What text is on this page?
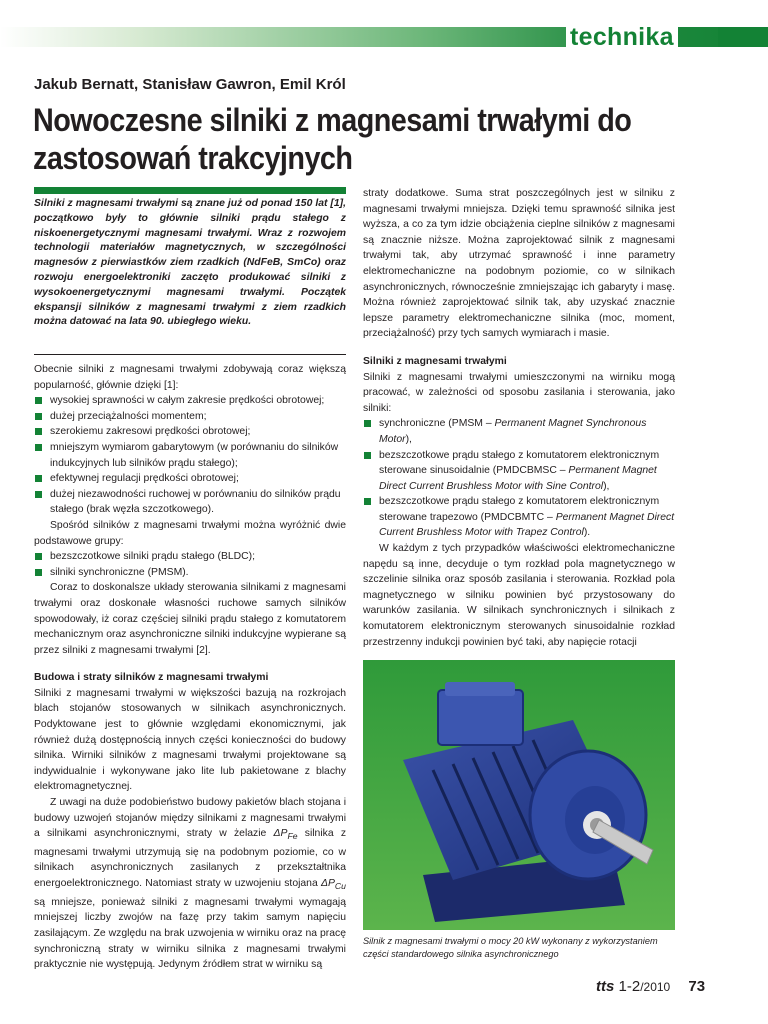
technika
Jakub Bernatt, Stanisław Gawron, Emil Król
Nowoczesne silniki z magnesami trwałymi do zastosowań trakcyjnych
Silniki z magnesami trwałymi są znane już od ponad 150 lat [1], początkowo były to głównie silniki prądu stałego z niskoenergetycznymi magnesami trwałymi. Wraz z rozwojem technologii materiałów magnetycznych, w szczególności magnesów z pierwiastków ziem rzadkich (NdFeB, SmCo) oraz rozwoju energoelektroniki zaczęto produkować silniki z wysokoenergetycznymi magnesami trwałymi. Początek ekspansji silników z magnesami trwałymi z ziem rzadkich można datować na lata 90. ubiegłego wieku.

Obecnie silniki z magnesami trwałymi zdobywają coraz większą popularność, głównie dzięki [1]:

wysokiej sprawności w całym zakresie prędkości obrotowej;
dużej przeciążalności momentem;
szerokiemu zakresowi prędkości obrotowej;
mniejszym wymiarom gabarytowym (w porównaniu do silników indukcyjnych lub silników prądu stałego);
efektywnej regulacji prędkości obrotowej;
dużej niezawodności ruchowej w porównaniu do silników prądu stałego (brak węzła szczotkowego).

Spośród silników z magnesami trwałymi można wyróżnić dwie podstawowe grupy:

bezszczotkowe silniki prądu stałego (BLDC);
silniki synchroniczne (PMSM).

Coraz to doskonalsze układy sterowania silnikami z magnesami trwałymi oraz doskonałe własności ruchowe samych silników spowodowały, iż coraz częściej silniki prądu stałego z komutatorem mechanicznym oraz asynchroniczne silniki indukcyjne wypierane są przez silniki z magnesami trwałymi [2].

Budowa i straty silników z magnesami trwałymi

Silniki z magnesami trwałymi w większości bazują na rozkrojach blach stojanów stosowanych w silnikach asynchronicznych. Podyktowane jest to głównie względami ekonomicznymi, jak również dużą dostępnością innych części konieczności do budowy silnika. Wirniki silników z magnesami trwałymi projektowane są indywidualnie i wykonywane jako lite lub pakietowane z blachy elektromagnetycznej.

Z uwagi na duże podobieństwo budowy pakietów blach stojana i budowy uzwojeń stojanów między silnikami z magnesami trwałymi a silnikami asynchronicznymi, straty w żelazie $\Delta P_{Fe}$ silnika z magnesami trwałymi utrzymują się na podobnym poziomie, co w silnikach asynchronicznych zasilanych z przekształtnika energoelektronicznego. Natomiast straty w uzwojeniu stojana $\Delta P_{Cu}$ są mniejsze, ponieważ silniki z magnesami trwałymi wymagają mniejszej liczby zwojów na fazę przy takim samym napięciu zasilającym. Ze względu na brak uzwojenia w wirniku oraz na pracę synchroniczną straty w wirniku silnika z magnesami trwałymi praktycznie nie występują. Jedynym źródłem strat w wirniku są

straty dodatkowe. Suma strat poszczególnych jest w silniku z magnesami trwałymi mniejsza. Dzięki temu sprawność silnika jest wyższa, a co za tym idzie obciążenia cieplne silników z magnesami są znacznie niższe. Można zaprojektować silnik z magnesami trwałymi tak, aby utrzymać sprawność i inne parametry elektromechaniczne na podobnym poziomie, co w silnikach asynchronicznych, równocześnie zmniejszając ich gabaryty i masę. Można również zaprojektować silnik tak, aby uzyskać znacznie lepsze parametry elektromechaniczne silnika (moc, moment, przeciążalność) przy tych samych wymiarach i masie.

Silniki z magnesami trwałymi

Silniki z magnesami trwałymi umieszczonymi na wirniku mogą pracować, w zależności od sposobu zasilania i sterowania, jako silniki:

synchroniczne (PMSM – Permanent Magnet Synchronous Motor),
bezszczotkowe prądu stałego z komutatorem elektronicznym sterowane sinusoidalnie (PMDCBMSC – Permanent Magnet Direct Current Brushless Motor with Sine Control),
bezszczotkowe prądu stałego z komutatorem elektronicznym sterowane trapezowo (PMDCBMTC – Permanent Magnet Direct Current Brushless Motor with Trapez Control).

W każdym z tych przypadków właściwości elektromechaniczne napędu są inne, decyduje o tym rozkład pola magnetycznego w szczelinie silnika oraz sposób zasilania i sterowania. Rozkład pola magnetycznego w silniku powinien być przystosowany do warunków zasilania. W silnikach synchronicznych i silnikach z komutatorem elektronicznym sterowanych sinusoidalnie rozkład przestrzenny indukcji powinien być taki, aby napięcie rotacji

Silnik z magnesami trwałymi o mocy 20 kW wykonany z wykorzystaniem części standardowego silnika asynchronicznego
tts 1-2/2010 73
